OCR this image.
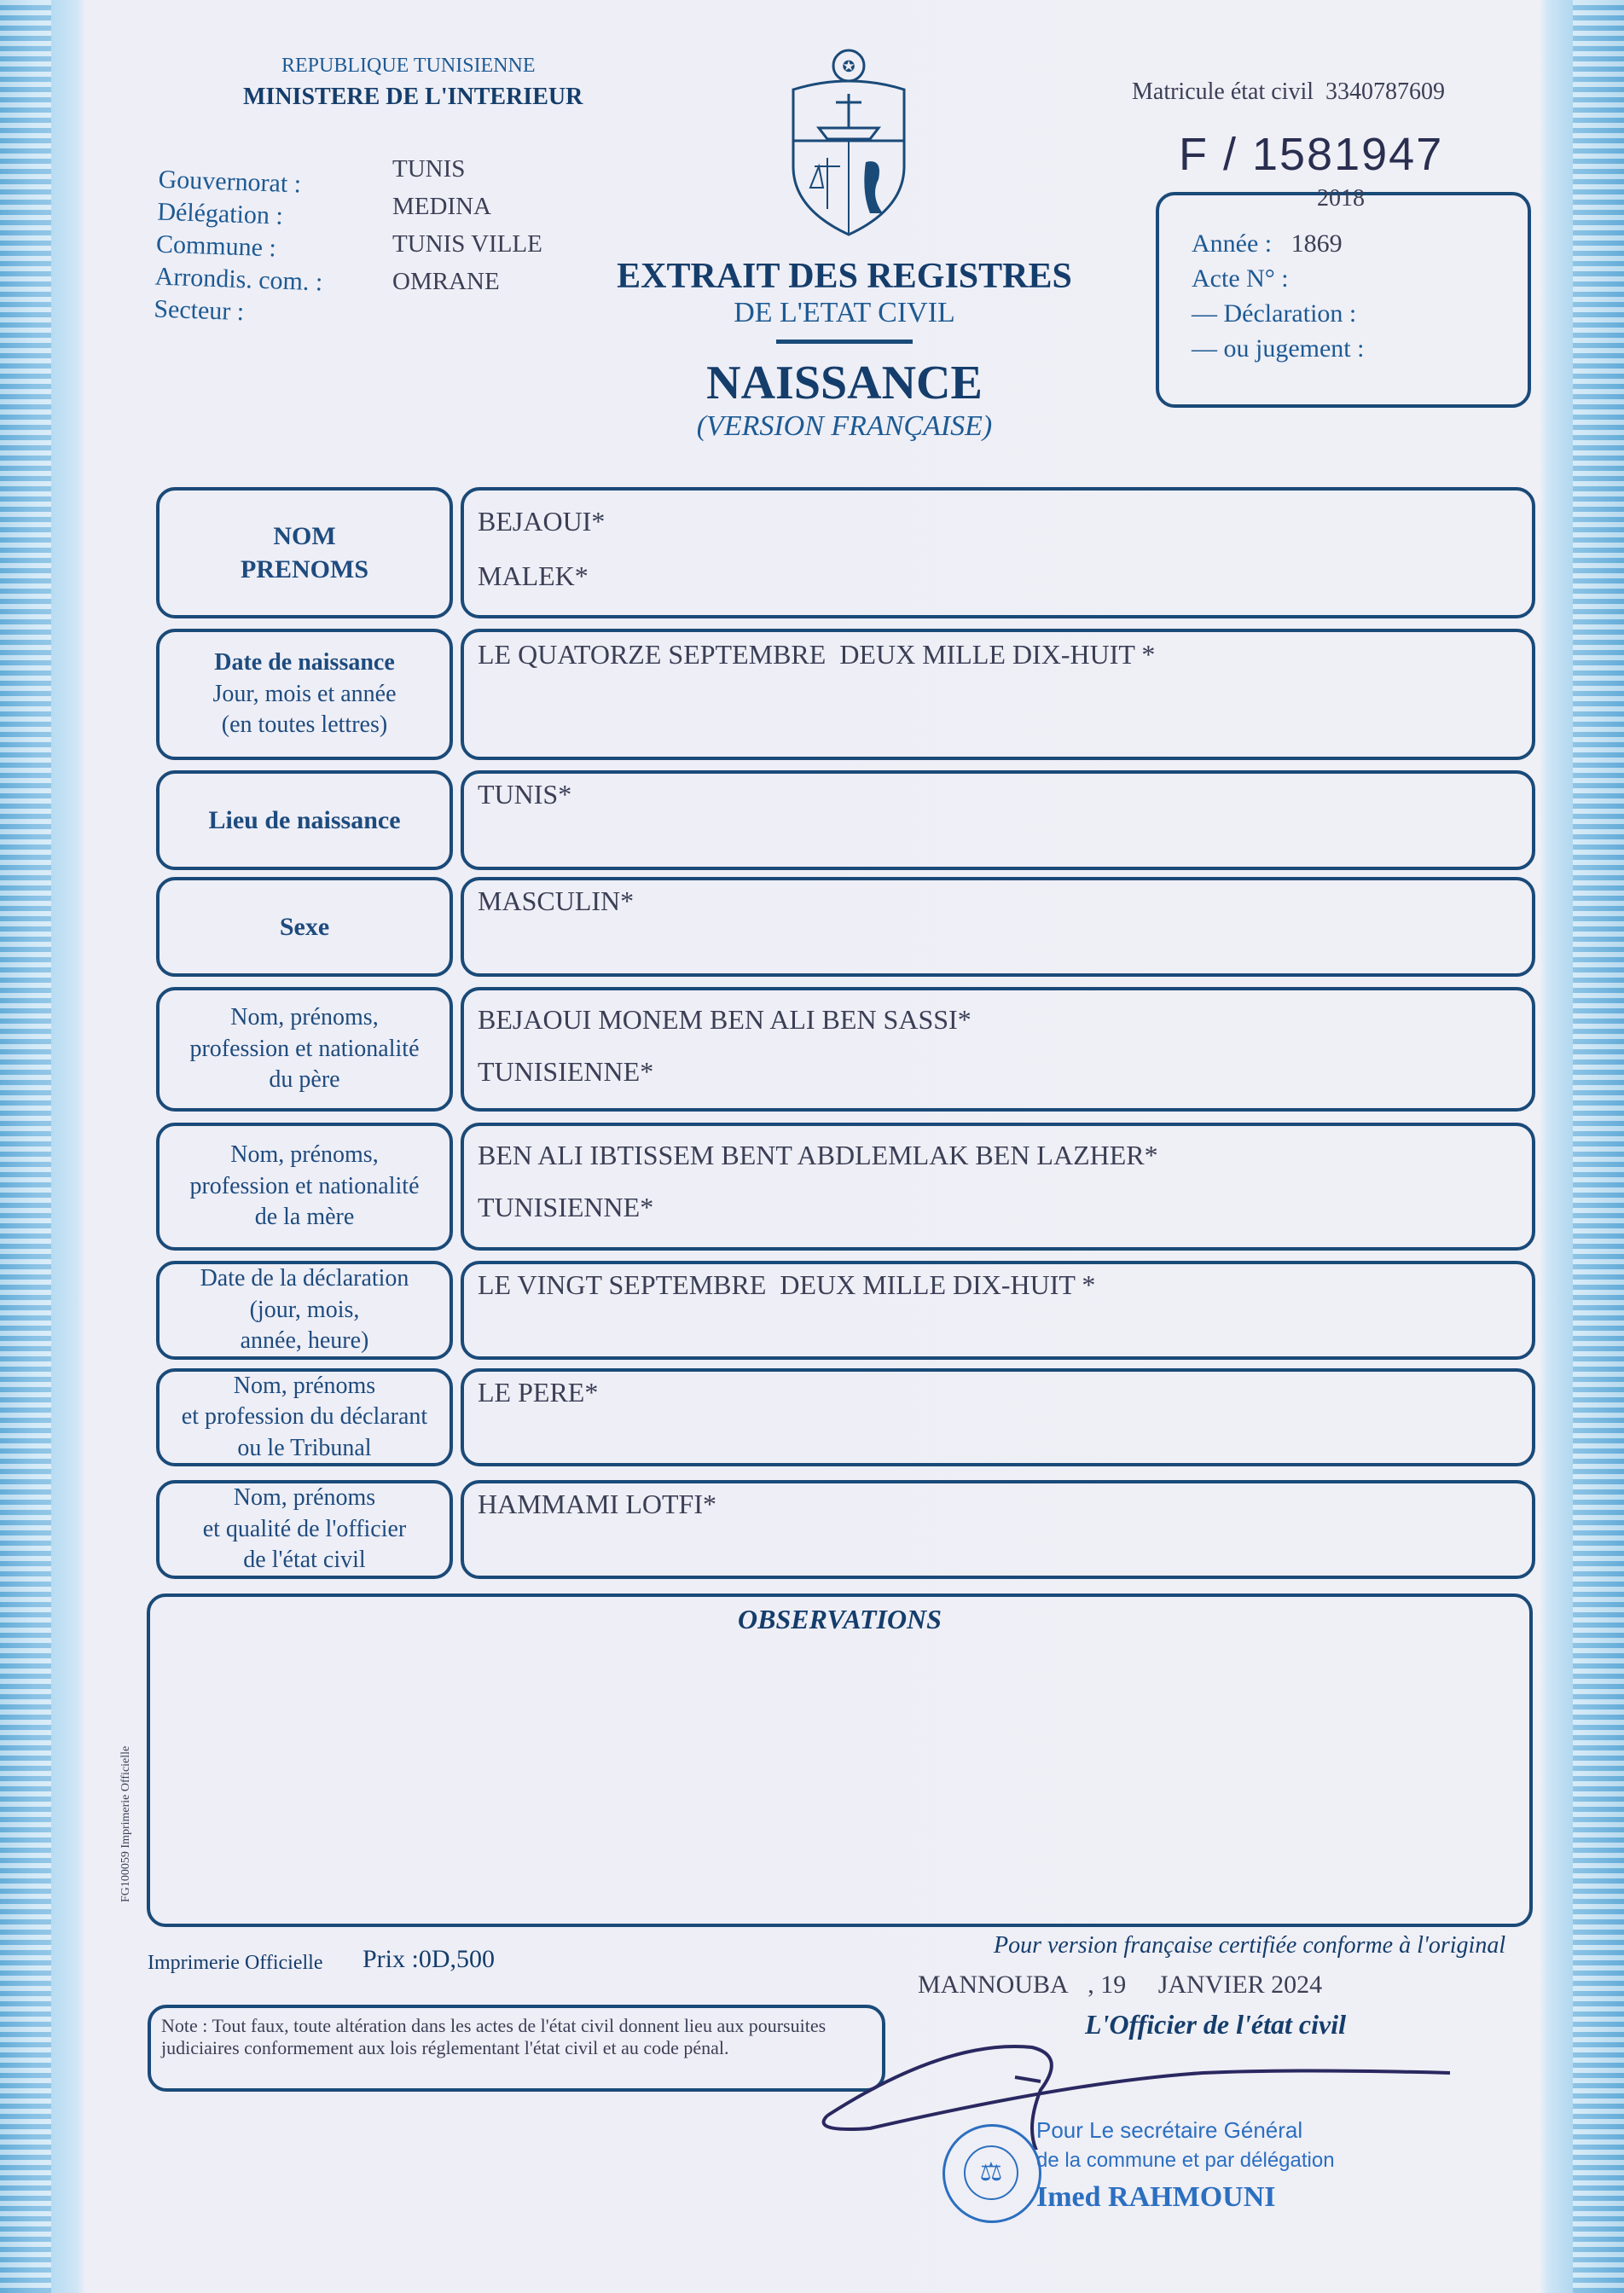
REPUBLIQUE TUNISIENNE
MINISTERE DE L'INTERIEUR
✪
Matricule état civil 3340787609
F / 1581947
Gouvernorat :
Délégation :
Commune :
Arrondis. com. :
Secteur :
TUNIS
MEDINA
TUNIS VILLE
OMRANE	EXTRAIT DES REGISTRES
DE L'ETAT CIVIL
NAISSANCE
(VERSION FRANÇAISE)
2018
Année : 1869
Acte N° :
— Déclaration :
— ou jugement :
NOM
PRENOMS
BEJAOUI*
MALEK*
Date de naissance
Jour, mois et année
(en toutes lettres)
LE QUATORZE SEPTEMBRE  DEUX MILLE DIX-HUIT *
Lieu de naissance
TUNIS*
Sexe
MASCULIN*
Nom, prénoms,
profession et nationalité
du père
BEJAOUI MONEM BEN ALI BEN SASSI*
TUNISIENNE*
Nom, prénoms,
profession et nationalité
de la mère
BEN ALI IBTISSEM BENT ABDLEMLAK BEN LAZHER*
TUNISIENNE*
Date de la déclaration
(jour, mois,
année, heure)
LE VINGT SEPTEMBRE  DEUX MILLE DIX-HUIT *
Nom, prénoms
et profession du déclarant
ou le Tribunal
LE PERE*
Nom, prénoms
et qualité de l'officier
de l'état civil
HAMMAMI LOTFI*
OBSERVATIONS
FG100059 Imprimerie Officielle
Imprimerie Officielle Prix :0D,500	Pour version française certifiée conforme à l'original
MANNOUBA , 19 JANVIER 2024
L'Officier de l'état civil
Note : Tout faux, toute altération dans les actes de l'état civil donnent lieu aux poursuites judiciaires conformement aux lois réglementant l'état civil et au code pénal.
⚖
Pour Le secrétaire Général
de la commune et par délégation
Imed RAHMOUNI
